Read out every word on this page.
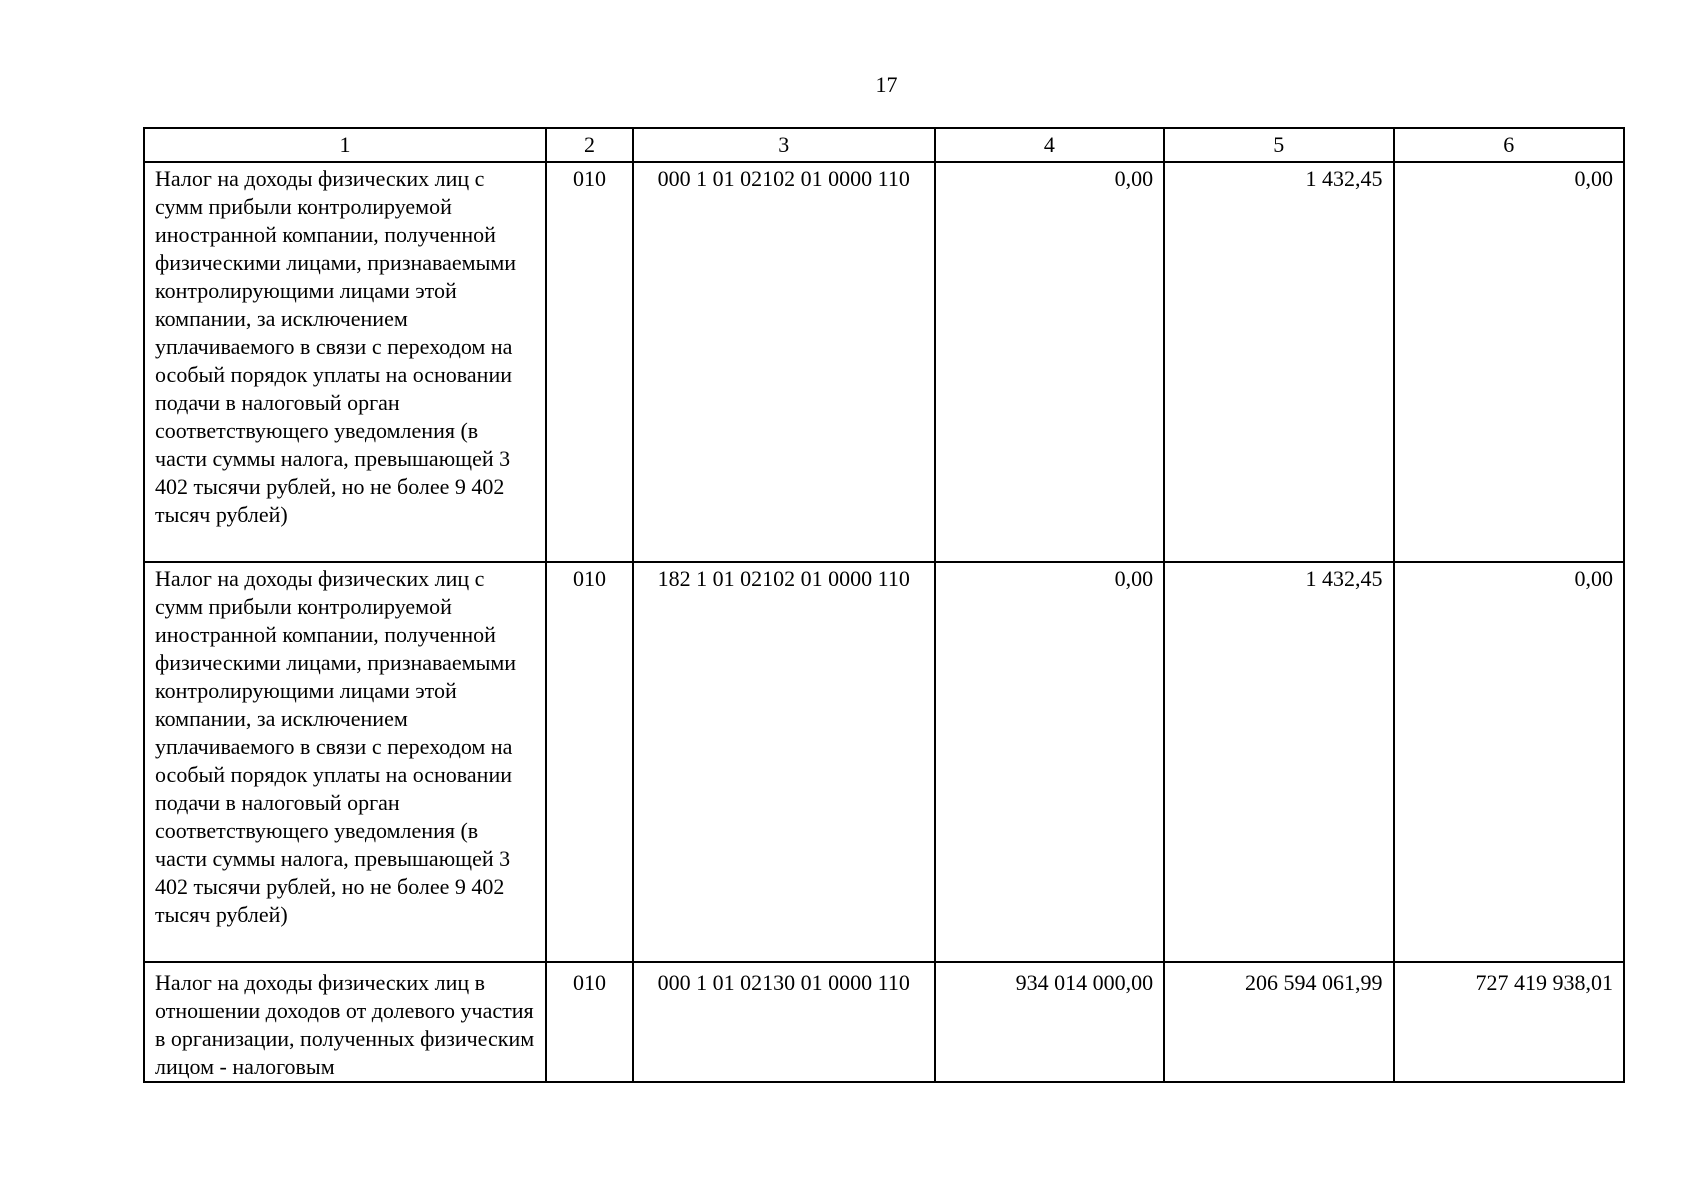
17
1	2	3	4	5	6
Налог на доходы физических лиц с сумм прибыли контролируемой иностранной компании, полученной физическими лицами, признаваемыми контролирующими лицами этой компании, за исключением уплачиваемого в связи с переходом на особый порядок уплаты на основании подачи в налоговый орган соответствующего уведомления (в части суммы налога, превышающей 3 402 тысячи рублей, но не более 9 402 тысяч рублей)	010	000 1 01 02102 01 0000 110	0,00	1 432,45	0,00
Налог на доходы физических лиц с сумм прибыли контролируемой иностранной компании, полученной физическими лицами, признаваемыми контролирующими лицами этой компании, за исключением уплачиваемого в связи с переходом на особый порядок уплаты на основании подачи в налоговый орган соответствующего уведомления (в части суммы налога, превышающей 3 402 тысячи рублей, но не более 9 402 тысяч рублей)	010	182 1 01 02102 01 0000 110	0,00	1 432,45	0,00
Налог на доходы физических лиц в отношении доходов от долевого участия в организации, полученных физическим лицом - налоговым	010	000 1 01 02130 01 0000 110	934 014 000,00	206 594 061,99	727 419 938,01
